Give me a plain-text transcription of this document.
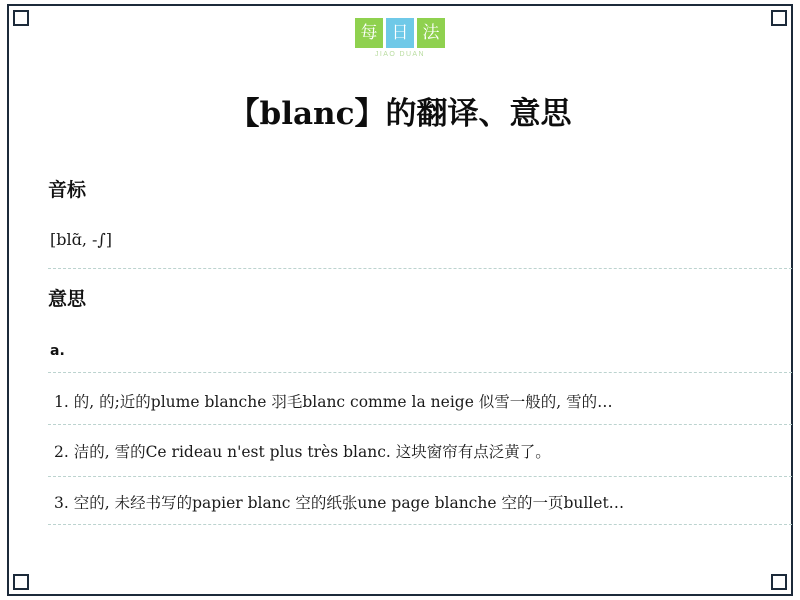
每 日 法
JIAO DUAN
【blanc】的翻译、意思
音标
[blɑ̃, -∫]
意思
a.
1. 的, 的;近的plume blanche 羽毛blanc comme la neige 似雪一般的, 雪的…
2. 洁的, 雪的Ce rideau n'est plus très blanc. 这块窗帘有点泛黄了。
3. 空的, 未经书写的papier blanc 空的纸张une page blanche 空的一页bullet…
